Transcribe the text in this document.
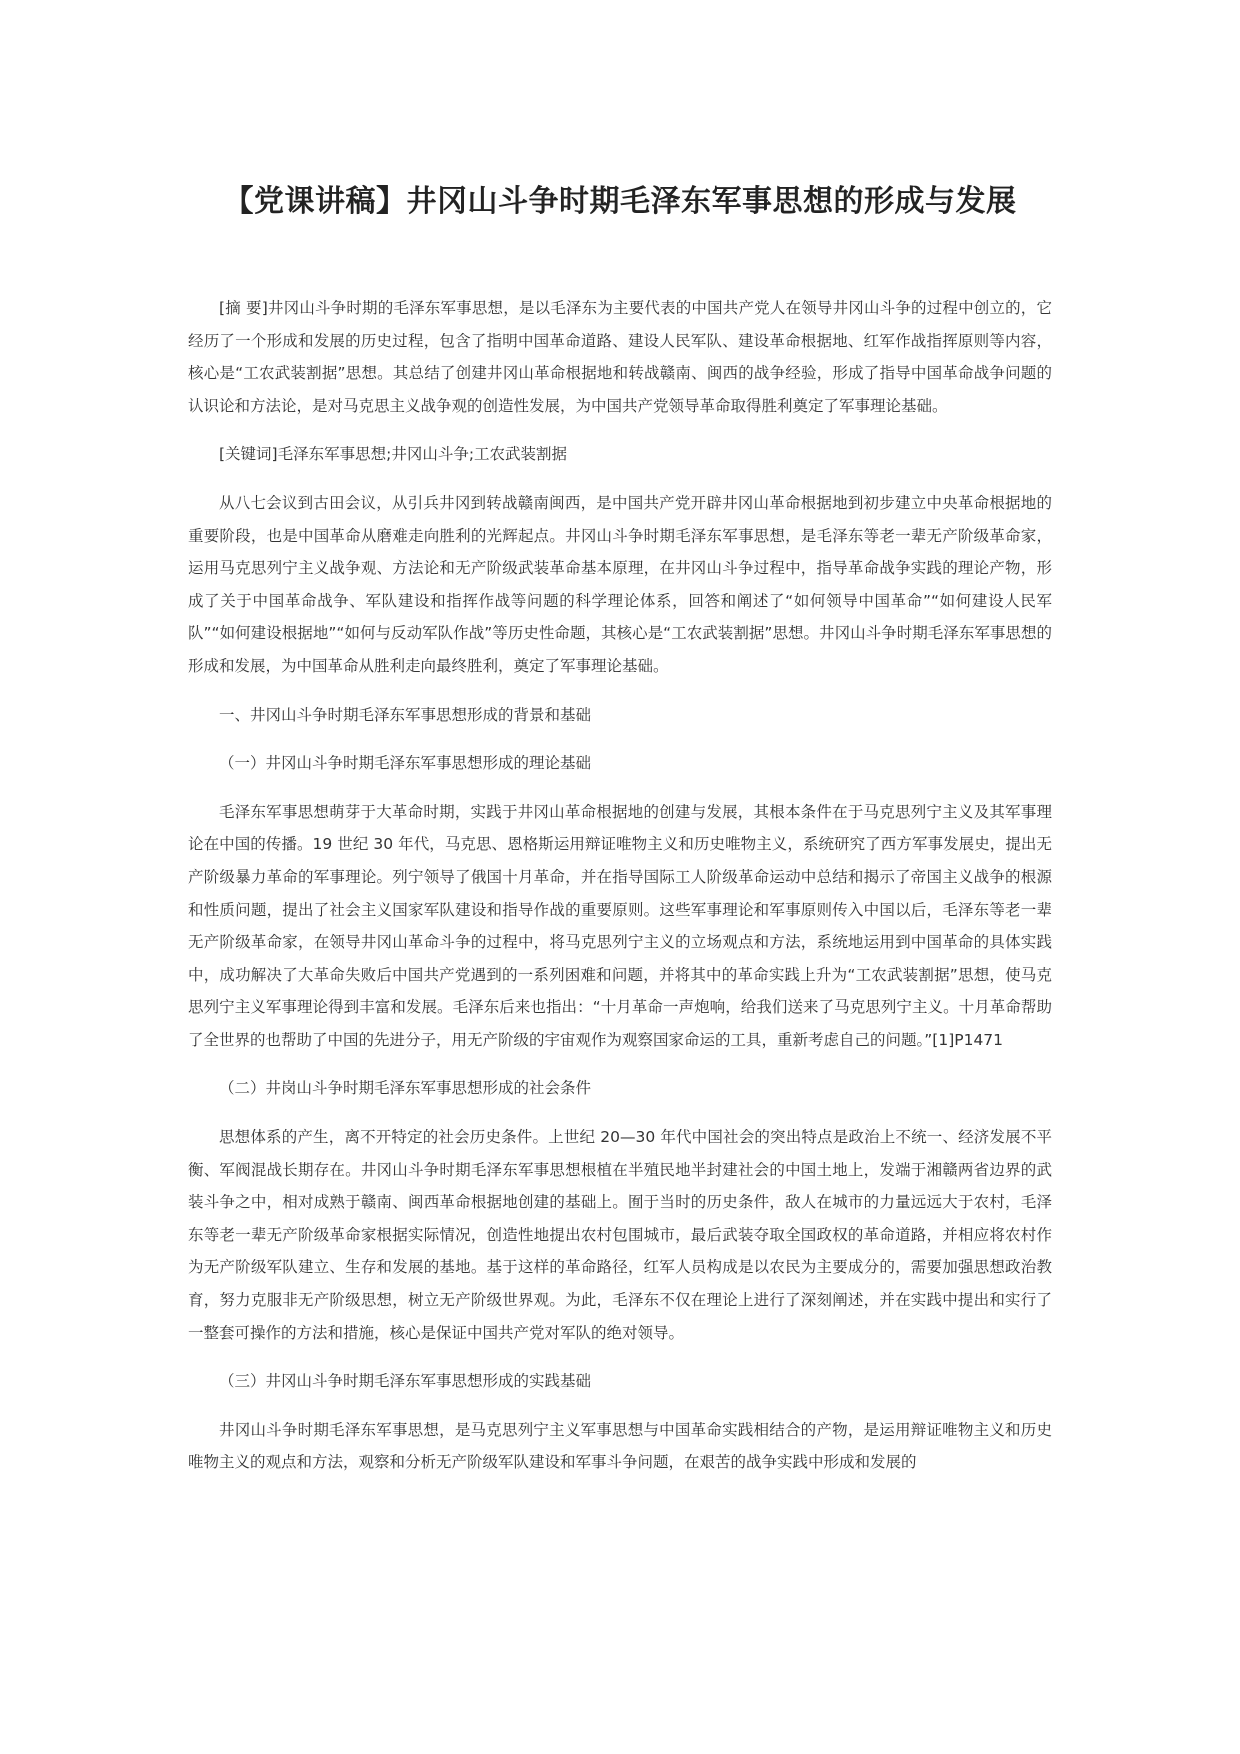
【党课讲稿】井冈山斗争时期毛泽东军事思想的形成与发展

[摘 要]井冈山斗争时期的毛泽东军事思想，是以毛泽东为主要代表的中国共产党人在领导井冈山斗争的过程中创立的，它经历了一个形成和发展的历史过程，包含了指明中国革命道路、建设人民军队、建设革命根据地、红军作战指挥原则等内容，核心是“工农武装割据”思想。其总结了创建井冈山革命根据地和转战赣南、闽西的战争经验，形成了指导中国革命战争问题的认识论和方法论，是对马克思主义战争观的创造性发展，为中国共产党领导革命取得胜利奠定了军事理论基础。

[关键词]毛泽东军事思想;井冈山斗争;工农武装割据

从八七会议到古田会议，从引兵井冈到转战赣南闽西，是中国共产党开辟井冈山革命根据地到初步建立中央革命根据地的重要阶段，也是中国革命从磨难走向胜利的光辉起点。井冈山斗争时期毛泽东军事思想，是毛泽东等老一辈无产阶级革命家，运用马克思列宁主义战争观、方法论和无产阶级武装革命基本原理，在井冈山斗争过程中，指导革命战争实践的理论产物，形成了关于中国革命战争、军队建设和指挥作战等问题的科学理论体系，回答和阐述了“如何领导中国革命”“如何建设人民军队”“如何建设根据地”“如何与反动军队作战”等历史性命题，其核心是“工农武装割据”思想。井冈山斗争时期毛泽东军事思想的形成和发展，为中国革命从胜利走向最终胜利，奠定了军事理论基础。

一、井冈山斗争时期毛泽东军事思想形成的背景和基础

（一）井冈山斗争时期毛泽东军事思想形成的理论基础

毛泽东军事思想萌芽于大革命时期，实践于井冈山革命根据地的创建与发展，其根本条件在于马克思列宁主义及其军事理论在中国的传播。19 世纪 30 年代，马克思、恩格斯运用辩证唯物主义和历史唯物主义，系统研究了西方军事发展史，提出无产阶级暴力革命的军事理论。列宁领导了俄国十月革命，并在指导国际工人阶级革命运动中总结和揭示了帝国主义战争的根源和性质问题，提出了社会主义国家军队建设和指导作战的重要原则。这些军事理论和军事原则传入中国以后，毛泽东等老一辈无产阶级革命家，在领导井冈山革命斗争的过程中，将马克思列宁主义的立场观点和方法，系统地运用到中国革命的具体实践中，成功解决了大革命失败后中国共产党遇到的一系列困难和问题，并将其中的革命实践上升为“工农武装割据”思想，使马克思列宁主义军事理论得到丰富和发展。毛泽东后来也指出：“十月革命一声炮响，给我们送来了马克思列宁主义。十月革命帮助了全世界的也帮助了中国的先进分子，用无产阶级的宇宙观作为观察国家命运的工具，重新考虑自己的问题。”[1]P1471

（二）井岗山斗争时期毛泽东军事思想形成的社会条件

思想体系的产生，离不开特定的社会历史条件。上世纪 20—30 年代中国社会的突出特点是政治上不统一、经济发展不平衡、军阀混战长期存在。井冈山斗争时期毛泽东军事思想根植在半殖民地半封建社会的中国土地上，发端于湘赣两省边界的武装斗争之中，相对成熟于赣南、闽西革命根据地创建的基础上。囿于当时的历史条件，敌人在城市的力量远远大于农村，毛泽东等老一辈无产阶级革命家根据实际情况，创造性地提出农村包围城市，最后武装夺取全国政权的革命道路，并相应将农村作为无产阶级军队建立、生存和发展的基地。基于这样的革命路径，红军人员构成是以农民为主要成分的，需要加强思想政治教育，努力克服非无产阶级思想，树立无产阶级世界观。为此，毛泽东不仅在理论上进行了深刻阐述，并在实践中提出和实行了一整套可操作的方法和措施，核心是保证中国共产党对军队的绝对领导。

（三）井冈山斗争时期毛泽东军事思想形成的实践基础

井冈山斗争时期毛泽东军事思想，是马克思列宁主义军事思想与中国革命实践相结合的产物，是运用辩证唯物主义和历史唯物主义的观点和方法，观察和分析无产阶级军队建设和军事斗争问题，在艰苦的战争实践中形成和发展的
